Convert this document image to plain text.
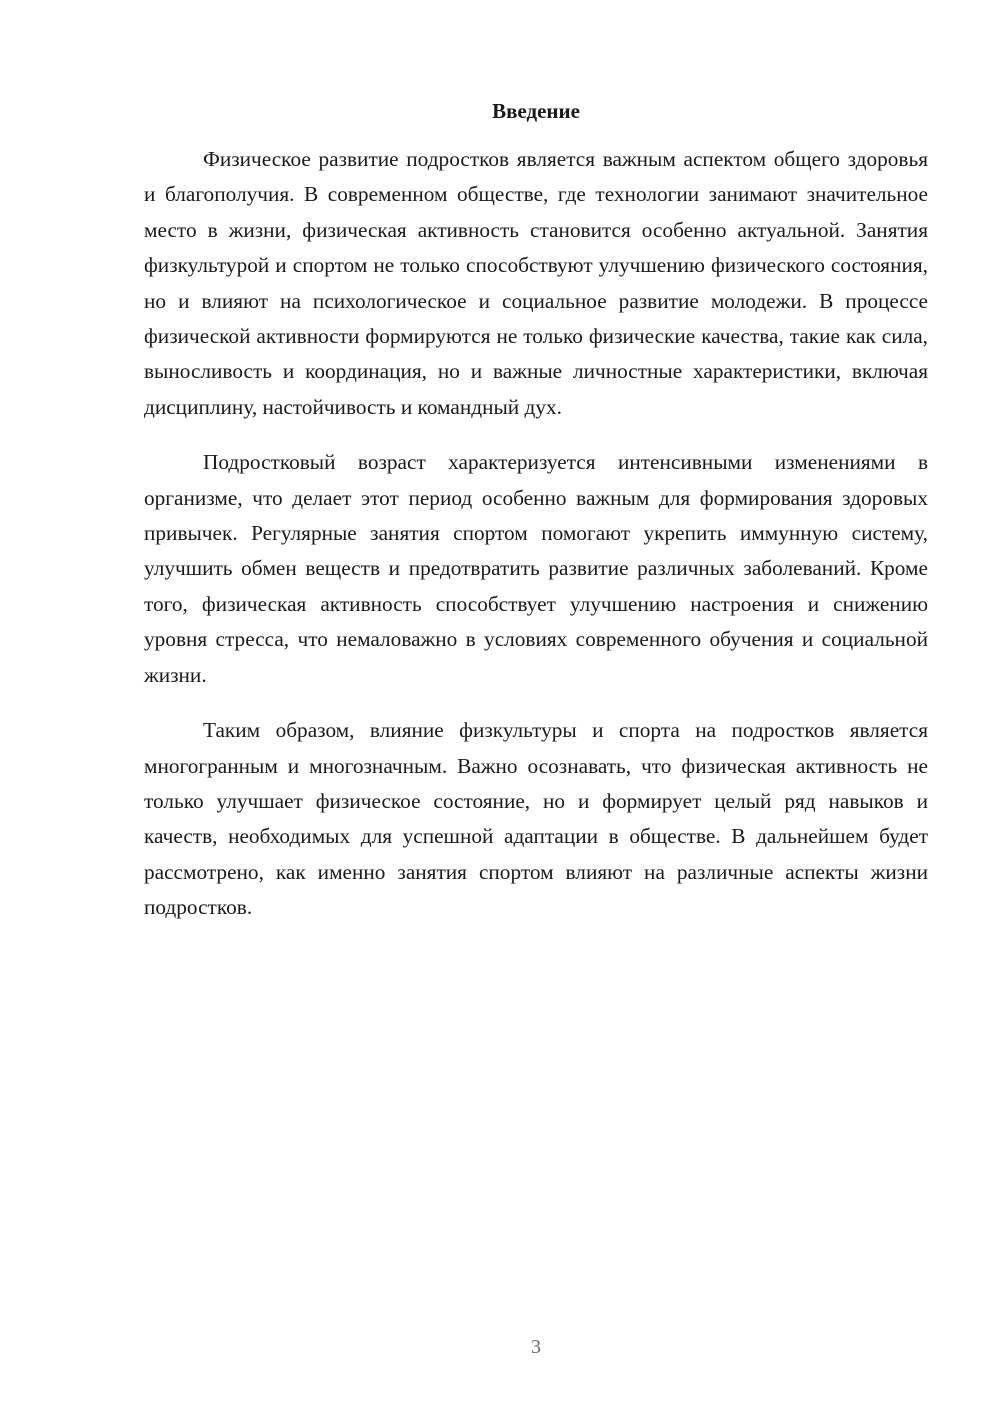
Введение

Физическое развитие подростков является важным аспектом общего здоровья и благополучия. В современном обществе, где технологии занимают значительное место в жизни, физическая активность становится особенно актуальной. Занятия физкультурой и спортом не только способствуют улучшению физического состояния, но и влияют на психологическое и социальное развитие молодежи. В процессе физической активности формируются не только физические качества, такие как сила, выносливость и координация, но и важные личностные характеристики, включая дисциплину, настойчивость и командный дух.

Подростковый возраст характеризуется интенсивными изменениями в организме, что делает этот период особенно важным для формирования здоровых привычек. Регулярные занятия спортом помогают укрепить иммунную систему, улучшить обмен веществ и предотвратить развитие различных заболеваний. Кроме того, физическая активность способствует улучшению настроения и снижению уровня стресса, что немаловажно в условиях современного обучения и социальной жизни.

Таким образом, влияние физкультуры и спорта на подростков является многогранным и многозначным. Важно осознавать, что физическая активность не только улучшает физическое состояние, но и формирует целый ряд навыков и качеств, необходимых для успешной адаптации в обществе. В дальнейшем будет рассмотрено, как именно занятия спортом влияют на различные аспекты жизни подростков.

3
